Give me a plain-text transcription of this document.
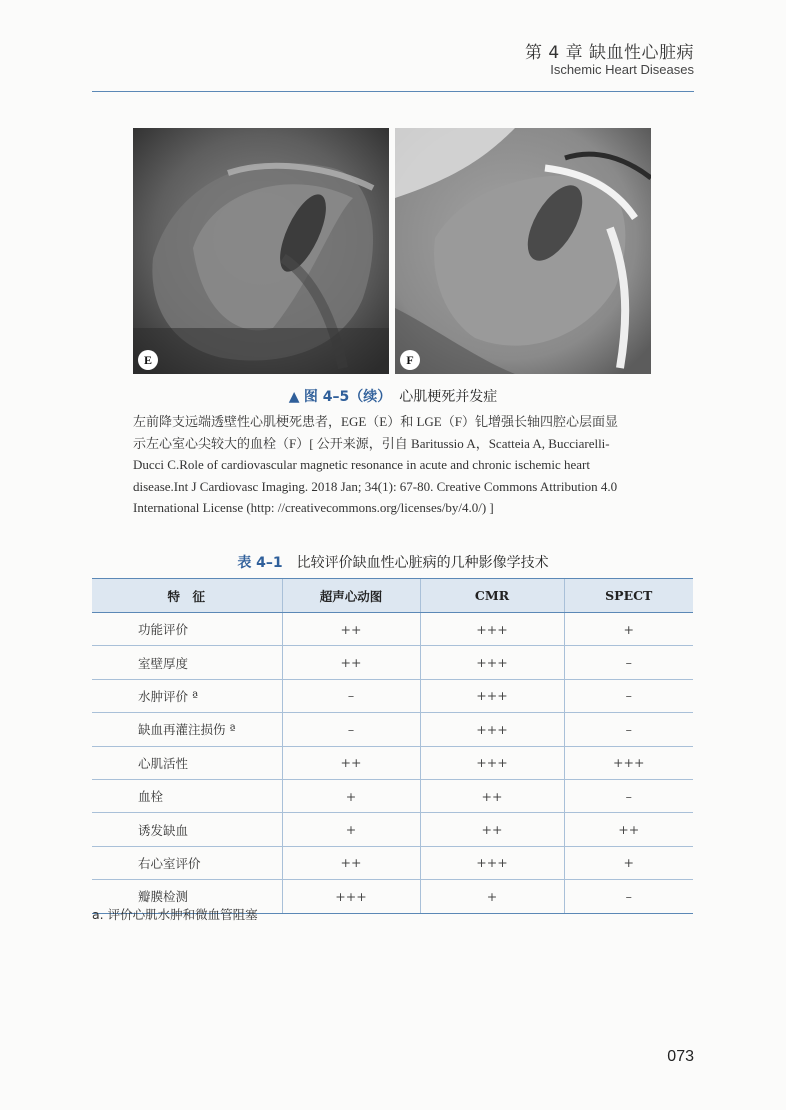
第 4 章 缺血性心脏病
Ischemic Heart Diseases
E	F
▲ 图 4–5（续） 心肌梗死并发症
左前降支远端透壁性心肌梗死患者，EGE（E）和 LGE（F）钆增强长轴四腔心层面显
示左心室心尖较大的血栓（F）[ 公开来源，引自 Baritussio A，Scatteia A, Bucciarelli-
Ducci C.Role of cardiovascular magnetic resonance in acute and chronic ischemic heart
disease.Int J Cardiovasc Imaging. 2018 Jan; 34(1): 67-80. Creative Commons Attribution 4.0
International License (http: //creativecommons.org/licenses/by/4.0/) ]
表 4–1 比较评价缺血性心脏病的几种影像学技术
特　征	超声心动图	CMR	SPECT
功能评价	++	+++	+
室壁厚度	++	+++	–
水肿评价 ª	–	+++	–
缺血再灌注损伤 ª	–	+++	–
心肌活性	++	+++	+++
血栓	+	++	–
诱发缺血	+	++	++
右心室评价	++	+++	+
瓣膜检测	+++	+	–
a. 评价心肌水肿和微血管阻塞
073
